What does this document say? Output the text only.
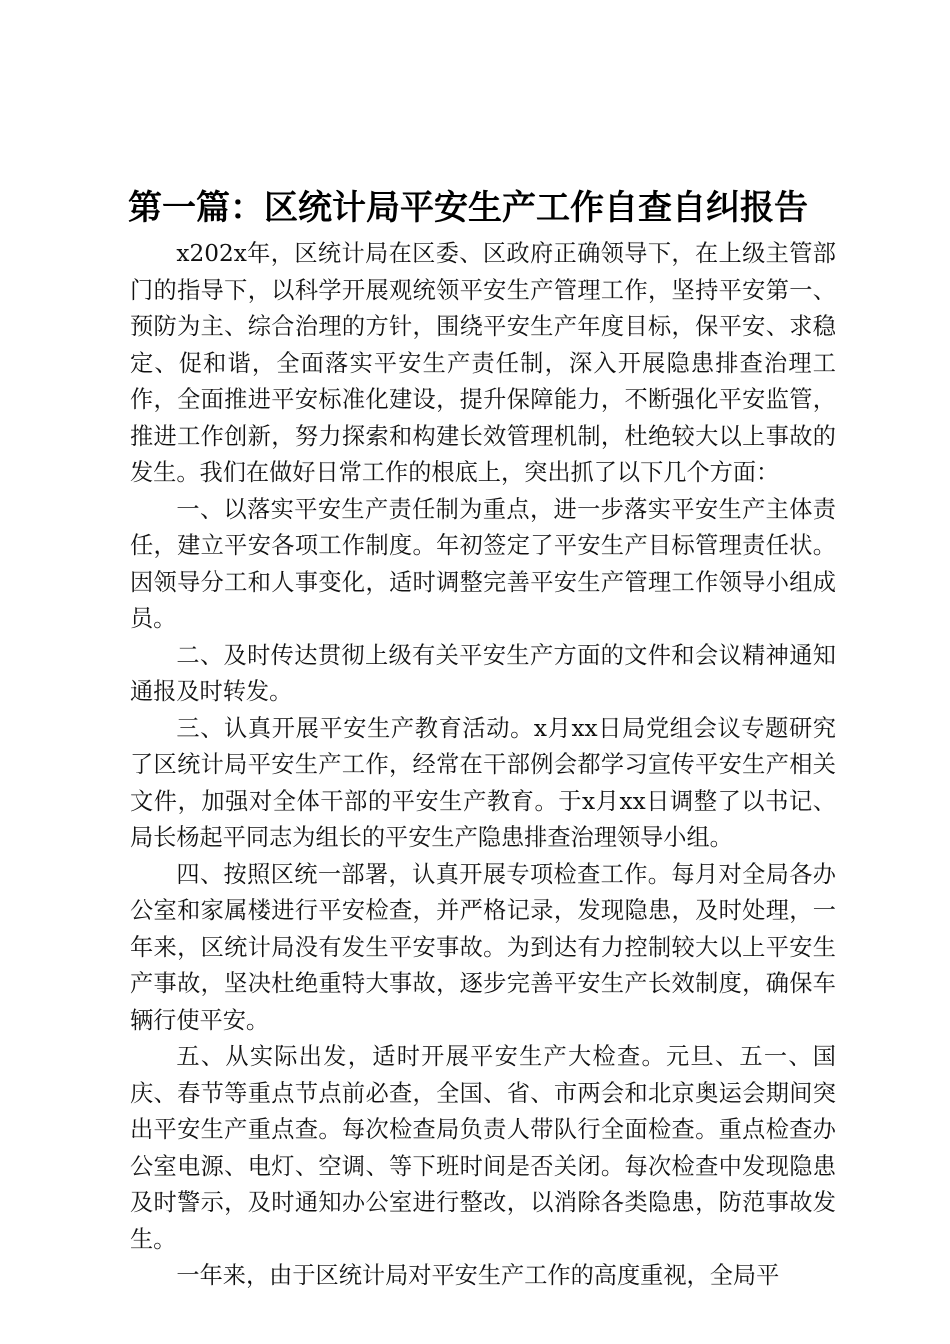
第一篇：区统计局平安生产工作自查自纠报告

x202x年，区统计局在区委、区政府正确领导下，在上级主管部门的指导下，以科学开展观统领平安生产管理工作，坚持平安第一、预防为主、综合治理的方针，围绕平安生产年度目标，保平安、求稳定、促和谐，全面落实平安生产责任制，深入开展隐患排查治理工作，全面推进平安标准化建设，提升保障能力，不断强化平安监管，推进工作创新，努力探索和构建长效管理机制，杜绝较大以上事故的发生。我们在做好日常工作的根底上，突出抓了以下几个方面：

一、以落实平安生产责任制为重点，进一步落实平安生产主体责任，建立平安各项工作制度。年初签定了平安生产目标管理责任状。因领导分工和人事变化，适时调整完善平安生产管理工作领导小组成员。

二、及时传达贯彻上级有关平安生产方面的文件和会议精神通知通报及时转发。

三、认真开展平安生产教育活动。x月xx日局党组会议专题研究了区统计局平安生产工作，经常在干部例会都学习宣传平安生产相关文件，加强对全体干部的平安生产教育。于x月xx日调整了以书记、局长杨起平同志为组长的平安生产隐患排查治理领导小组。

四、按照区统一部署，认真开展专项检查工作。每月对全局各办公室和家属楼进行平安检查，并严格记录，发现隐患，及时处理，一年来，区统计局没有发生平安事故。为到达有力控制较大以上平安生产事故，坚决杜绝重特大事故，逐步完善平安生产长效制度，确保车辆行使平安。

五、从实际出发，适时开展平安生产大检查。元旦、五一、国庆、春节等重点节点前必查，全国、省、市两会和北京奥运会期间突出平安生产重点查。每次检查局负责人带队行全面检查。重点检查办公室电源、电灯、空调、等下班时间是否关闭。每次检查中发现隐患及时警示，及时通知办公室进行整改，以消除各类隐患，防范事故发生。

一年来，由于区统计局对平安生产工作的高度重视，全局平
